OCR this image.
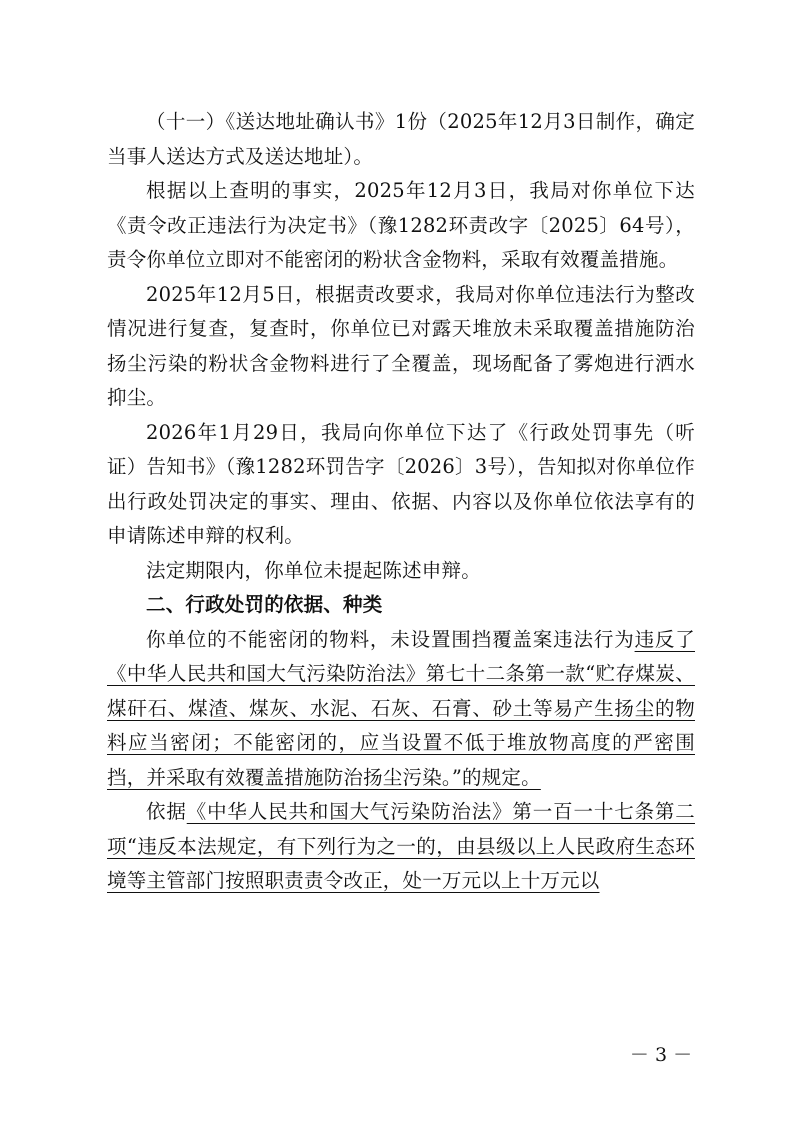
（十一）《送达地址确认书》1份（2025年12月3日制作，确定当事人送达方式及送达地址）。

根据以上查明的事实，2025年12月3日，我局对你单位下达《责令改正违法行为决定书》（豫1282环责改字〔2025〕64号），责令你单位立即对不能密闭的粉状含金物料，采取有效覆盖措施。

2025年12月5日，根据责改要求，我局对你单位违法行为整改情况进行复查，复查时，你单位已对露天堆放未采取覆盖措施防治扬尘污染的粉状含金物料进行了全覆盖，现场配备了雾炮进行洒水抑尘。

2026年1月29日，我局向你单位下达了《行政处罚事先（听证）告知书》（豫1282环罚告字〔2026〕3号），告知拟对你单位作出行政处罚决定的事实、理由、依据、内容以及你单位依法享有的申请陈述申辩的权利。

法定期限内，你单位未提起陈述申辩。

二、行政处罚的依据、种类

你单位的不能密闭的物料，未设置围挡覆盖案违法行为违反了《中华人民共和国大气污染防治法》第七十二条第一款“贮存煤炭、煤矸石、煤渣、煤灰、水泥、石灰、石膏、砂土等易产生扬尘的物料应当密闭；不能密闭的，应当设置不低于堆放物高度的严密围挡，并采取有效覆盖措施防治扬尘污染。”的规定。

依据《中华人民共和国大气污染防治法》第一百一十七条第二项“违反本法规定，有下列行为之一的，由县级以上人民政府生态环境等主管部门按照职责责令改正，处一万元以上十万元以

－ 3 －
